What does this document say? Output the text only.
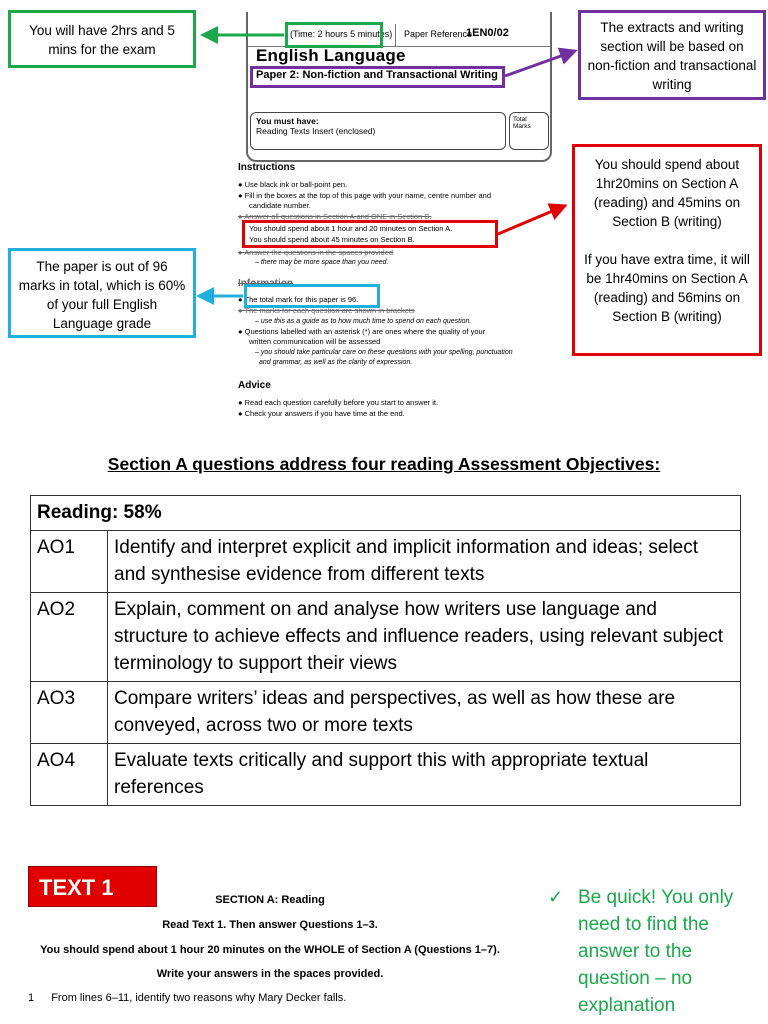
(Time: 2 hours 5 minutes) Paper Reference
1EN0/02
English Language
Paper 2: Non-fiction and Transactional Writing
You must have:
Reading Texts Insert (enclosed)
Total Marks
Instructions
● Use black ink or ball-point pen.
● Fill in the boxes at the top of this page with your name, centre number and
candidate number.
● Answer all questions in Section A and ONE in Section B.
You should spend about 1 hour and 20 minutes on Section A.
You should spend about 45 minutes on Section B.
● Answer the questions in the spaces provided
– there may be more space than you need.
Information
● The total mark for this paper is 96.
● The marks for each question are shown in brackets
– use this as a guide as to how much time to spend on each question.
● Questions labelled with an asterisk (*) are ones where the quality of your
written communication will be assessed
– you should take particular care on these questions with your spelling, punctuation
and grammar, as well as the clarity of expression.
Advice
● Read each question carefully before you start to answer it.
● Check your answers if you have time at the end.
You will have 2hrs and 5 mins for the exam
The extracts and writing section will be based on non-fiction and transactional writing
You should spend about 1hr20mins on Section A (reading) and 45mins on Section B (writing)
If you have extra time, it will be 1hr40mins on Section A (reading) and 56mins on Section B (writing)
The paper is out of 96 marks in total, which is 60% of your full English Language grade
Section A questions address four reading Assessment Objectives:
Reading: 58%	
AO1	Identify and interpret explicit and implicit information and ideas; select and synthesise evidence from different texts
AO2	Explain, comment on and analyse how writers use language and structure to achieve effects and influence readers, using relevant subject terminology to support their views
AO3	Compare writers’ ideas and perspectives, as well as how these are conveyed, across two or more texts
AO4	Evaluate texts critically and support this with appropriate textual references
TEXT 1	SECTION A: Reading
Read Text 1. Then answer Questions 1–3.
You should spend about 1 hour 20 minutes on the WHOLE of Section A (Questions 1–7).
Write your answers in the spaces provided.
1 From lines 6–11, identify two reasons why Mary Decker falls.
✓ Be quick! You only need to find the answer to the question – no explanation
